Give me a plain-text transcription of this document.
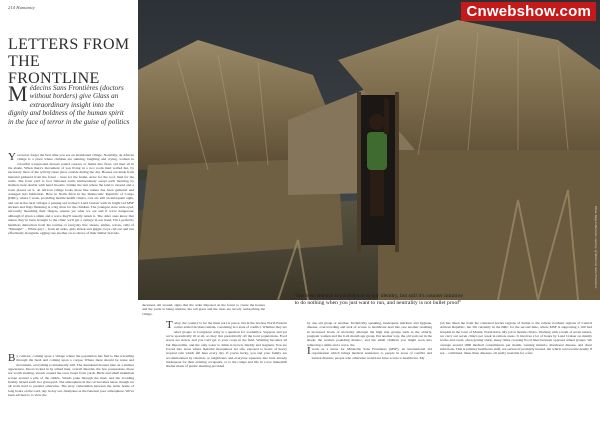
214 Humanity
LETTERS FROM THE FRONTLINE

Médecins Sans Frontières (doctors without borders) give Glass an extraordinary insight into the dignity and boldness of the human spirit in the face of terror in the guise of politics

You never forget the first time you see an abandoned village. Normally, an African village is a place where children are running, laughing and crying, women in colourful wraparound dresses pound cassava or maize into flour, old men sit in the shade. When there's movement of you living in a two room mud walled hut, by necessary most of the activity takes place outside during the day. Houses are made from material gathered from the forest – trees for the frame, straw for the roof, mud for the walls. The front yard is foot flattened earth, immaculately swept each morning by mothers bent double with hand brooms. Unlike the tent where the land is cleared and a town placed on it, an African village looks more like nature has been gathered and arranged into habitation. Here in North Kivu in the Democratic Republic of Congo (DRC), where I work, providing mobile health clinics, cars are still an infrequent sight, and out in the rural villages a passing aid worker's Land Cruiser with its bright red MSF stickers and flags fluttering is a big draw for the children. The youngest stare wide eyed, nervously mouthing their fingers, unsure yet what we are and if we're dangerous, although if given a smile and a wave they'll usually return it. The older ones know that unless they've been brought to the clinic we'll get a syringe in our hand, I'm a perfectly harmless distraction from the routine of everyday life; shouts, smiles, waves, calls of "Mzungu!" – White guy! – from all sides, girls shriek and giggle, boys call out and run effortlessly alongside, egging one another on as shows of their limber bravado.

By contrast, coming upon a village where the population has fled is like travelling through the bush and coming upon a corpse. Where there should be noise and movement, everything is unnaturally still. The abandoned houses take on a sinister appearance. Doors locked in by armed men, overall disorder, the few possessions, those not worth stealing, strewn around the once swept front yards. Birds and small mammals scrape around a pile of the rubble. Weeds poke through the mud, and the avoiding freshly turned earth in a graveyard. The atmosphere in the car becomes tense, though we all work hard to pretend otherwise. The stray cameramen between the team, home of long hours on the road, day in day out, dissipates as the funereal poor atmosphere. We've been advised to to view the

Hans-Jürgen Burkard, courtesy of Médecins Sans Frontières
Cnwebshow.com

deceased. All around, signs that the order imposed on the forest to create the houses and the yards is being undone, the tall grass and the trees are slowly reabsorbing the village.

Today, the country is for the main part at peace, but in the lawless North Eastern corner armed factions remain, coexisting in a state of conflict. Whether they are rebel groups or Congolese army is a question for academics. Suppose and yet we're sporadically ill at all, so they live parasitically off the local populations. Food stores are stolen, and you can't get to your crops in the field. Washing becomes all but impossible, and the only water to drink is brown, muddy and stagnant. You are forced into areas where malarial mosquitoes are rife, exposed to hours of heavy tropical rain which fall here every day. If you're lucky, you and your family are accommodated by relatives or neighbours and everyone squeezes into huts already inadequate for their existing occupants, or to the camps and life in a low makeshift shelter made of plastic sheeting provided

"Our best defence is confidence in our identity, but still it's counter intuitive to do nothing when you just want to run, and neutrality is not bullet proof"

by one aid group or another. Technically speaking, inadequate nutrition and hygiene, disease, overcrowding and lack of access to healthcare lead into one another resulting in increased levels of mortality amongst the high risk groups such as the elderly, pregnant women and the 0-24 month age group. Put another way, the old wait out in the shade, the women pounding manioc, and the small children you might soon into removing a smile and a wave, the

I work as a nurse for Médecins Sans Frontières (MSF), an international aid organisation which brings medical assistance to people in areas of conflict and natural disaster, people who otherwise would not have access to healthcare. My

job has taken me from the contested border regions of Sudan to the remote northern regions of Central African Republic, but I'm currently in the DRC for the second time, where MSF is supporting a 100 bed hospital in the town of Masisi, North Kivu. My job is mobile clinics. Working with a team of seven nurses, we carry out seven clinics per week in remote areas. It involves a lot of hours by Land Cruiser on muddy tracks and roads, often getting stuck, many times crossing flood lines between opposed armed groups. We average around 1000 medical consultations per month, treating malaria, diarrhoeal disease, and chest infections. This is primary healthcare stuff, not serious if promptly treated, but which can become deadly if not – combined, these three diseases, all easily treatable for a few
